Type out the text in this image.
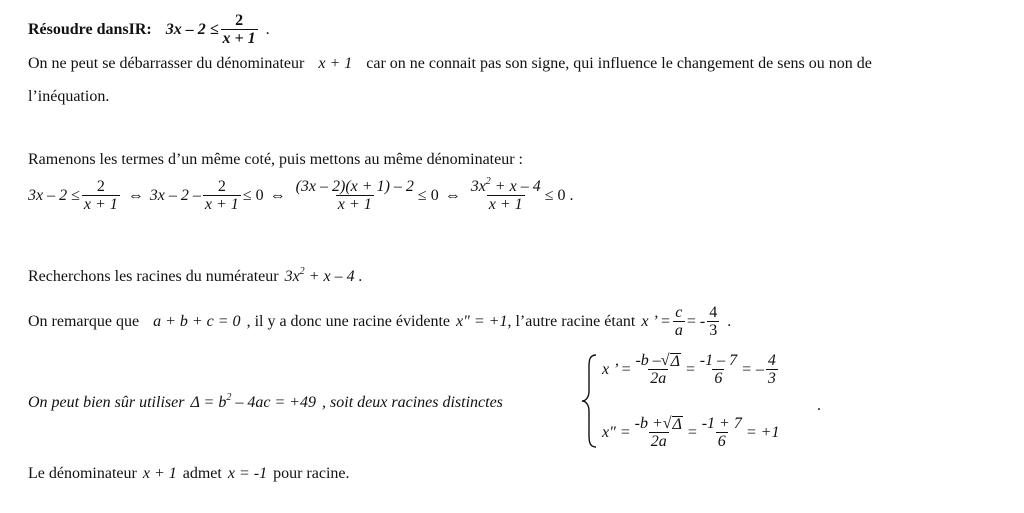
Résoudre dans IR : $3x - 2 \le \frac{2}{x + 1}$ .
On ne peut se débarrasser du dénominateur x + 1 car on ne connait pas son signe, qui influence le changement de sens ou non de
l’inéquation.
Ramenons les termes d’un même coté, puis mettons au même dénominateur :
$3x - 2 \le \frac{2}{x + 1}$ ⇔ $3x - 2 - \frac{2}{x + 1} \le 0$ ⇔ $\frac{(3x - 2)(x + 1) - 2}{x + 1} \le 0$ ⇔ $\frac{3x^2 + x - 4}{x + 1} \le 0$ .
Recherchons les racines du numérateur $3x^2 + x - 4$ .
On remarque que a + b + c = 0 , il y a donc une racine évidente x" = +1 , l’autre racine étant x ’ = $\frac{c}{a}$ = - $\frac{4}{3}$ .
On peut bien sûr utiliser $\Delta = b^2 - 4ac = +49$ , soit deux racines distinctes
x ’ = $\frac{-b - √ \Delta}{2a} = \frac{-1 - 7}{6}$ = – $\frac{4}{3}$
x" = $\frac{-b + √ \Delta}{2a} = \frac{-1 + 7}{6} = +1$
.
Le dénominateur x + 1 admet x = -1 pour racine.
